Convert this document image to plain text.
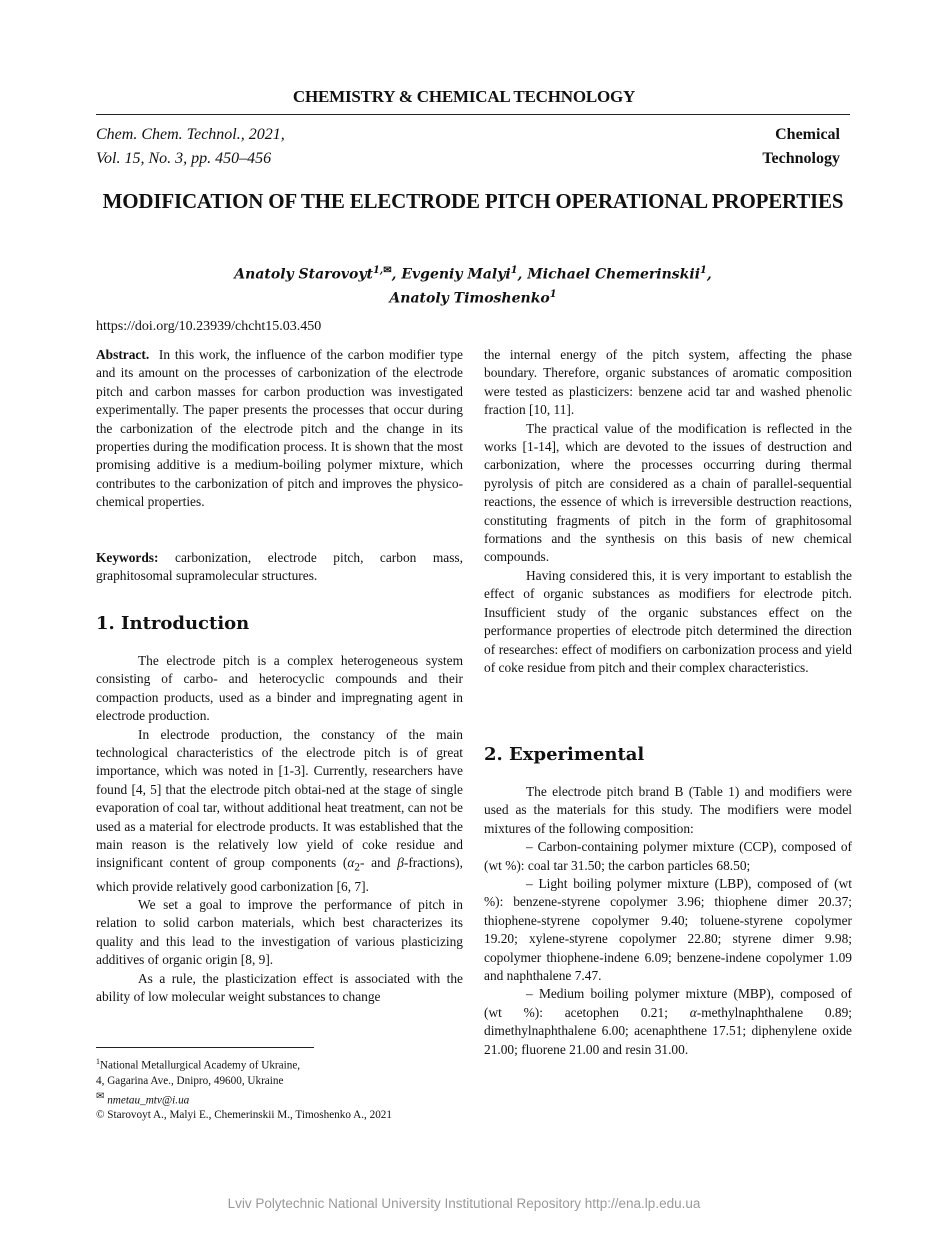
CHEMISTRY & CHEMICAL TECHNOLOGY
Chem. Chem. Technol., 2021,
Vol. 15, No. 3, pp. 450–456
Chemical
Technology
MODIFICATION OF THE ELECTRODE PITCH OPERATIONAL PROPERTIES
Anatoly Starovoyt$^{1,}$✉, Evgeniy Malyi$^1$, Michael Chemerinskii$^1$,
Anatoly Timoshenko$^1$
https://doi.org/10.23939/chcht15.03.450

Abstract. In this work, the influence of the carbon modifier type and its amount on the processes of carbonization of the electrode pitch and carbon masses for carbon production was investigated experimentally. The paper presents the processes that occur during the carbonization of the electrode pitch and the change in its properties during the modification process. It is shown that the most promising additive is a medium-boiling polymer mixture, which contributes to the carbonization of pitch and improves the physico-chemical properties.

Keywords: carbonization, electrode pitch, carbon mass, graphitosomal supramolecular structures.

1. Introduction

The electrode pitch is a complex heterogeneous system consisting of carbo- and heterocyclic compounds and their compaction products, used as a binder and impregnating agent in electrode production.

In electrode production, the constancy of the main technological characteristics of the electrode pitch is of great importance, which was noted in [1-3]. Currently, researchers have found [4, 5] that the electrode pitch obtai-ned at the stage of single evaporation of coal tar, without additional heat treatment, can not be used as a material for electrode products. It was established that the main reason is the relatively low yield of coke residue and insignificant content of group components ($\alpha_2-$ and β-fractions), which provide relatively good carbonization [6, 7].

We set a goal to improve the performance of pitch in relation to solid carbon materials, which best characterizes its quality and this lead to the investigation of various plasticizing additives of organic origin [8, 9].

As a rule, the plasticization effect is associated with the ability of low molecular weight substances to change

$^1$National Metallurgical Academy of Ukraine,
4, Gagarina Ave., Dnipro, 49600, Ukraine
✉ nmetau_mtv@i.ua
© Starovoyt A., Malyi E., Chemerinskii M., Timoshenko A., 2021

the internal energy of the pitch system, affecting the phase boundary. Therefore, organic substances of aromatic composition were tested as plasticizers: benzene acid tar and washed phenolic fraction [10, 11].

The practical value of the modification is reflected in the works [1-14], which are devoted to the issues of destruction and carbonization, where the processes occurring during thermal pyrolysis of pitch are considered as a chain of parallel-sequential reactions, the essence of which is irreversible destruction reactions, constituting fragments of pitch in the form of graphitosomal formations and the synthesis on this basis of new chemical compounds.

Having considered this, it is very important to establish the effect of organic substances as modifiers for electrode pitch. Insufficient study of the organic substances effect on the performance properties of electrode pitch determined the direction of researches: effect of modifiers on carbonization process and yield of coke residue from pitch and their complex characteristics.

2. Experimental

The electrode pitch brand B (Table 1) and modifiers were used as the materials for this study. The modifiers were model mixtures of the following composition:

– Carbon-containing polymer mixture (CCP), composed of (wt %): coal tar 31.50; the carbon particles 68.50;

– Light boiling polymer mixture (LBP), composed of (wt %): benzene-styrene copolymer 3.96; thiophene dimer 20.37; thiophene-styrene copolymer 9.40; toluene-styrene copolymer 19.20; xylene-styrene copolymer 22.80; styrene dimer 9.98; copolymer thiophene-indene 6.09; benzene-indene copolymer 1.09 and naphthalene 7.47.

– Medium boiling polymer mixture (MBP), composed of (wt %): acetophen 0.21; α-methylnaphthalene 0.89; dimethylnaphthalene 6.00; acenaphthene 17.51; diphenylene oxide 21.00; fluorene 21.00 and resin 31.00.

Lviv Polytechnic National University Institutional Repository http://ena.lp.edu.ua
